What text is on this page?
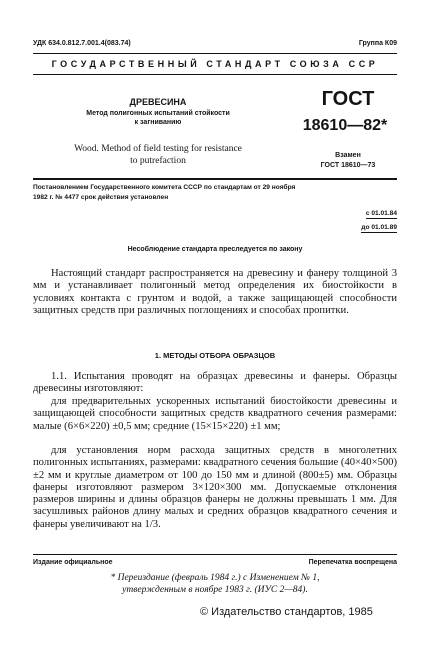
УДК 634.0.812.7.001.4(083.74)	Группа К09
ГОСУДАРСТВЕННЫЙ СТАНДАРТ СОЮЗА ССР
ДРЕВЕСИНА
Метод полигонных испытаний стойкости
к загниванию
Wood. Method of field testing for resistance
to putrefaction
ГОСТ
18610—82*
Взамен
ГОСТ 18610—73
Постановлением Государственного комитета СССР по стандартам от 29 ноября
1982 г. № 4477 срок действия установлен
с 01.01.84
до 01.01.89
Несоблюдение стандарта преследуется по закону
Настоящий стандарт распространяется на древесину и фанеру толщиной 3 мм и устанавливает полигонный метод определения их биостойкости в условиях контакта с грунтом и водой, а также защищающей способности защитных средств при различных поглощениях и способах пропитки.
1. МЕТОДЫ ОТБОРА ОБРАЗЦОВ
1.1. Испытания проводят на образцах древесины и фанеры. Образцы древесины изготовляют:
для предварительных ускоренных испытаний биостойкости древесины и защищающей способности защитных средств квадратного сечения размерами: малые (6×6×220) ±0,5 мм; средние (15×15×220) ±1 мм;
для установления норм расхода защитных средств в многолетних полигонных испытаниях, размерами: квадратного сечения большие (40×40×500) ±2 мм и круглые диаметром от 100 до 150 мм и длиной (800±5) мм. Образцы фанеры изготовляют размером 3×120×300 мм. Допускаемые отклонения размеров ширины и длины образцов фанеры не должны превышать 1 мм. Для засушливых районов длину малых и средних образцов квадратного сечения и фанеры увеличивают на 1/3.
Издание официальное	Перепечатка воспрещена
* Переиздание (февраль 1984 г.) с Изменением № 1,
утвержденным в ноябре 1983 г. (ИУС 2—84).
© Издательство стандартов, 1985
